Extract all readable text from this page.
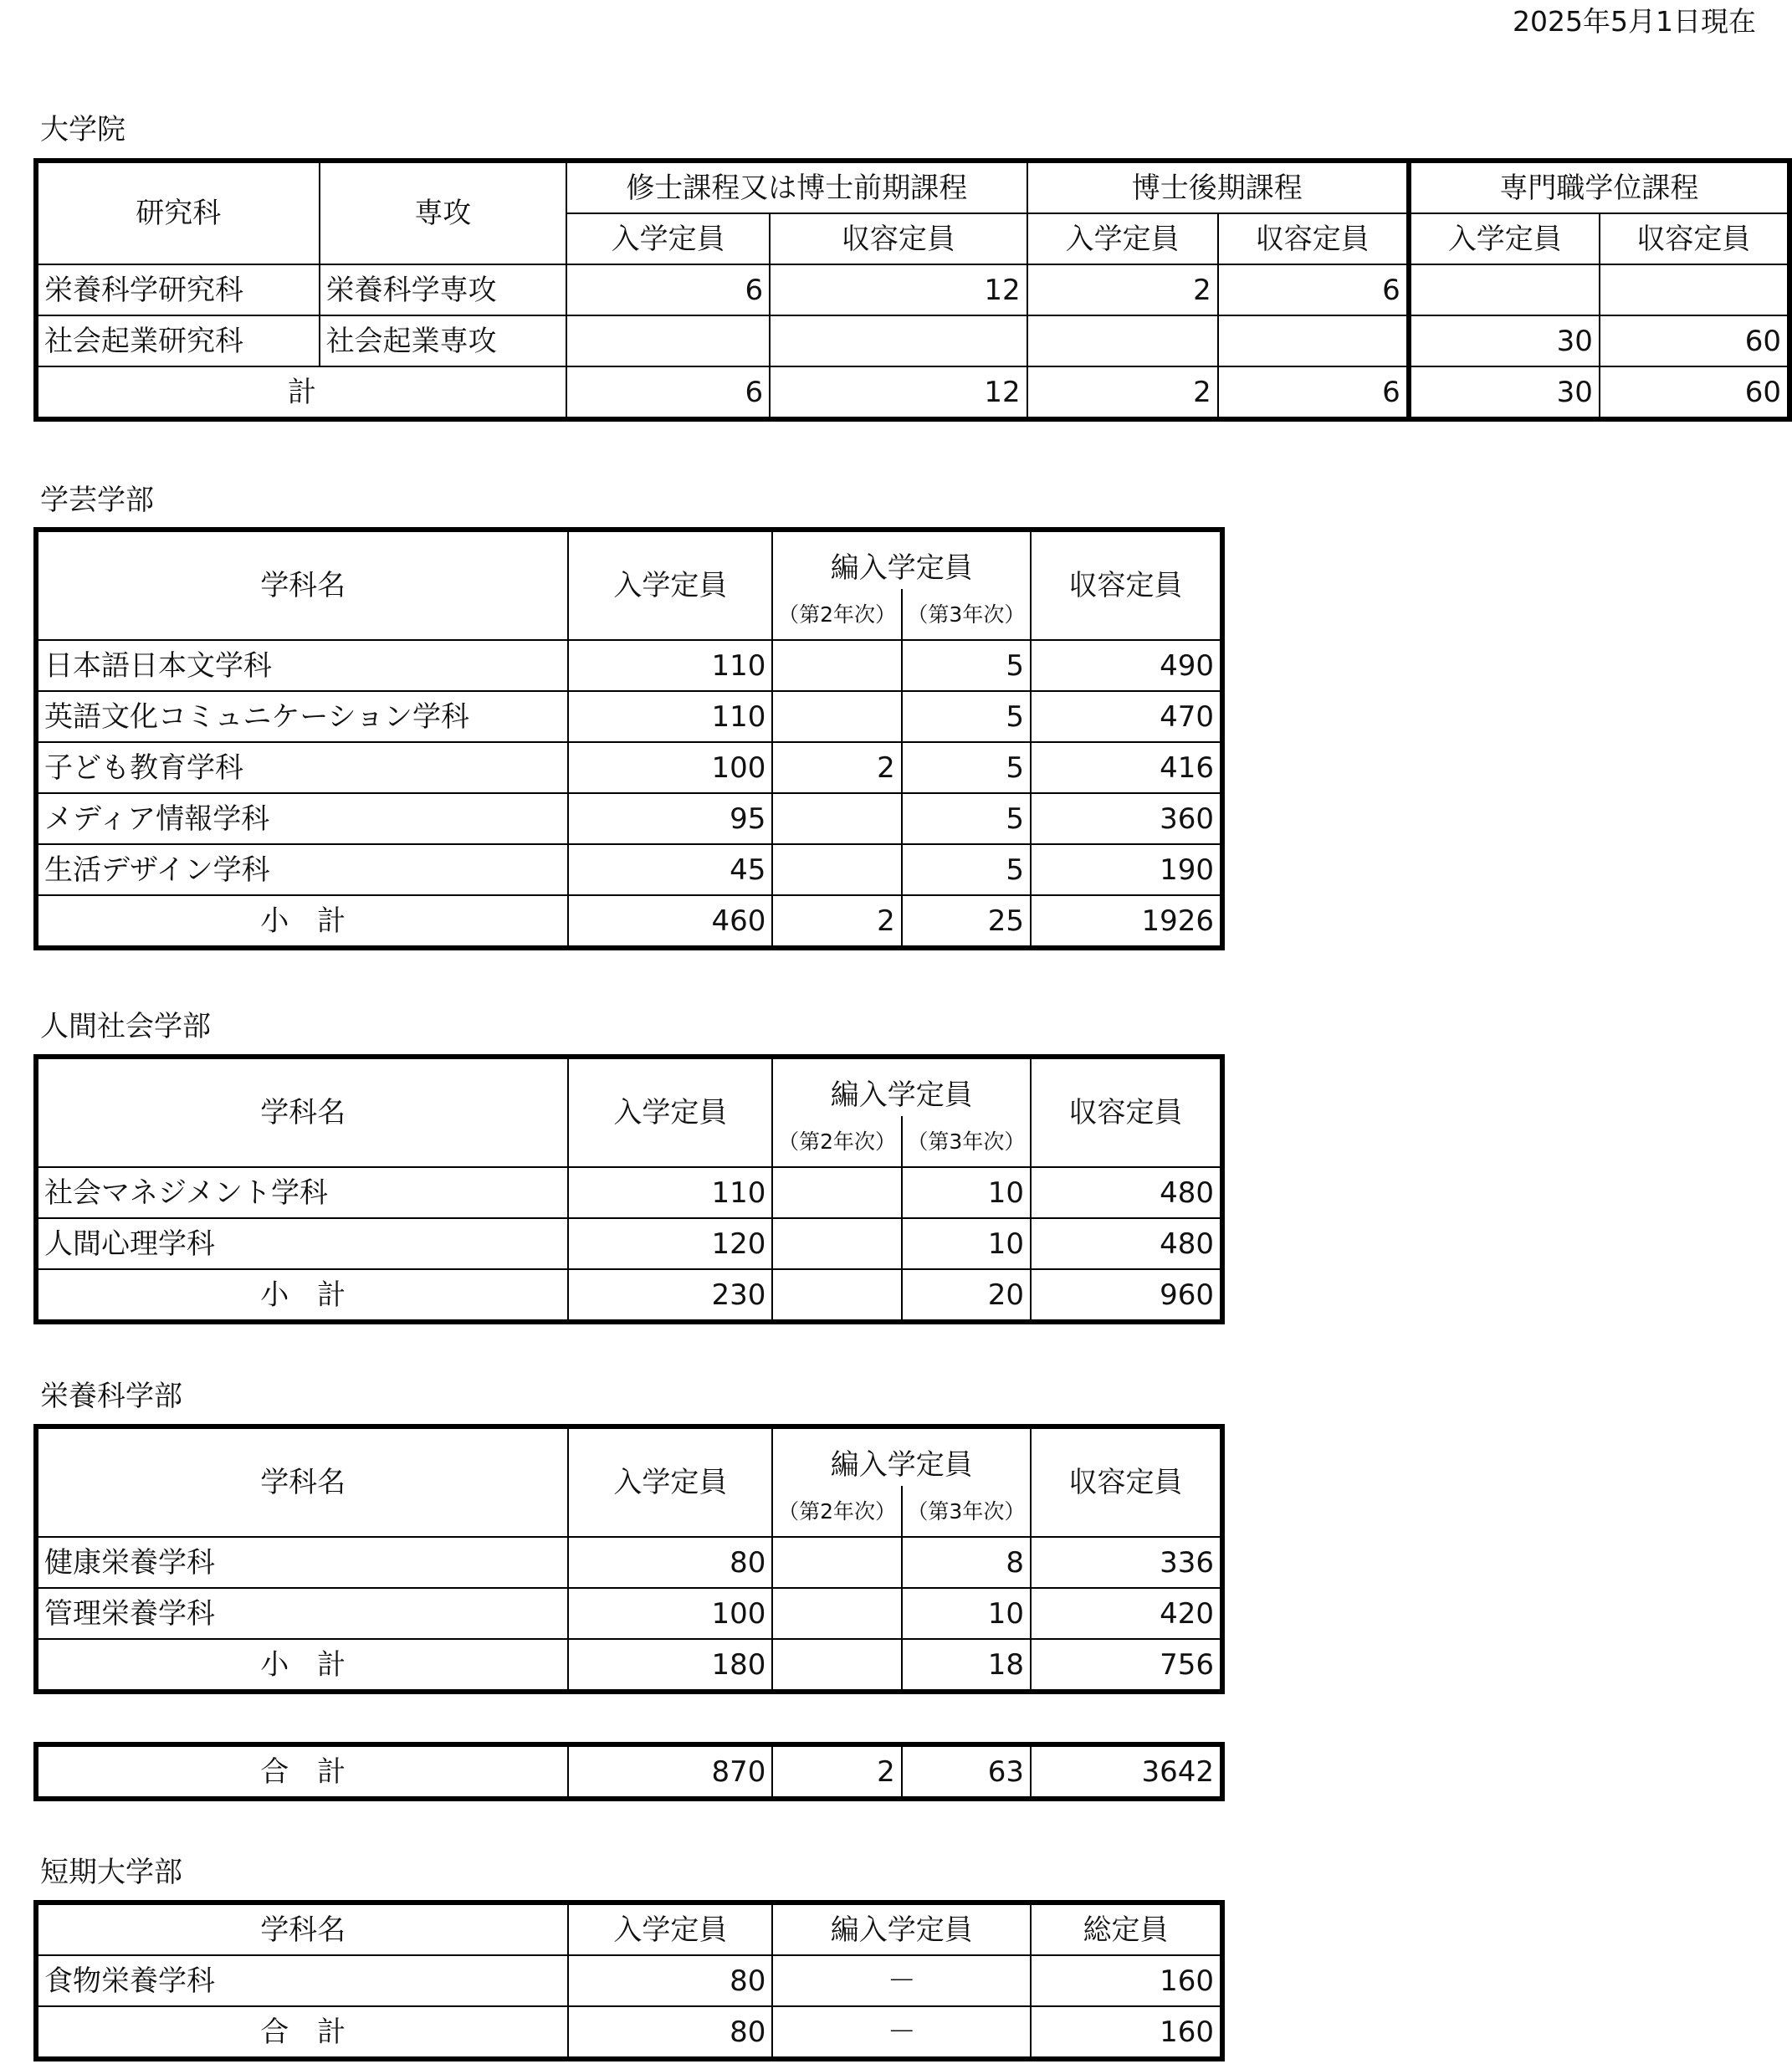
2025年5月1日現在
大学院
研究科	専攻	修士課程又は博士前期課程		博士後期課程		専門職学位課程	
		入学定員	収容定員	入学定員	収容定員	入学定員	収容定員
栄養科学研究科	栄養科学専攻	6	12	2	6		
社会起業研究科	社会起業専攻					30	60
計		6	12	2	6	30	60
学芸学部
学科名	入学定員	編入学定員		収容定員
		（第2年次）	（第3年次）	
日本語日本文学科	110		5	490
英語文化コミュニケーション学科	110		5	470
子ども教育学科	100	2	5	416
メディア情報学科	95		5	360
生活デザイン学科	45		5	190
小　計	460	2	25	1926
人間社会学部
学科名	入学定員	編入学定員		収容定員
		（第2年次）	（第3年次）	
社会マネジメント学科	110		10	480
人間心理学科	120		10	480
小　計	230		20	960
栄養科学部
学科名	入学定員	編入学定員		収容定員
		（第2年次）	（第3年次）	
健康栄養学科	80		8	336
管理栄養学科	100		10	420
小　計	180		18	756
合　計	870	2	63	3642
短期大学部
学科名	入学定員	編入学定員	総定員
食物栄養学科	80	－	160
合　計	80	－	160
